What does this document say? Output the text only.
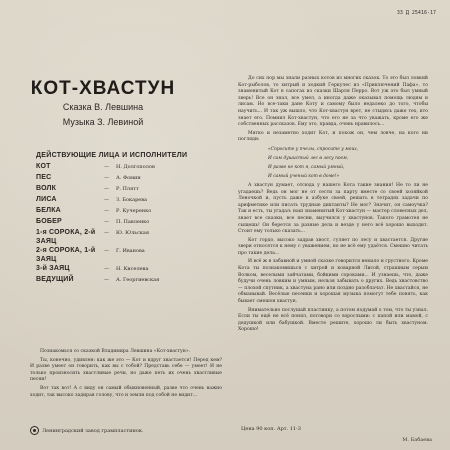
33 Д 25416-17
КОТ-ХВАСТУН
Сказка В. Левшина
Музыка З. Левиной
ДЕЙСТВУЮЩИЕ ЛИЦА И ИСПОЛНИТЕЛИ
КОТ	— Н. Долгополов
ПЕС	— А. Фомин
ВОЛК	— Р. Плятт
ЛИСА	— З. Бокарева
БЕЛКА	— Р. Кучеренко
БОБЕР	— П. Павленко
1-я СОРОКА, 2-й ЗАЯЦ
— Ю. Юльская
2-я СОРОКА, 1-й ЗАЯЦ
— Г. Иванова
3-й ЗАЯЦ	— Н. Киселева
ВЕДУЩИЙ	— А. Георгиевская

Познакомься со сказкой Владимира Левшина «Кот-хвастун».

Ты, конечно, удивлен: как же это — Кот и вдруг хвастается! Перед кем? И разве умеет он говорить, как вы с тобой? Представь себе — умеет! И не только произносить хвастливые речи, но даже петь их очень хвастливые песни!

Вот так вот! А с виду он самый обыкновенный, разве что очень важно ходит, так высоко задирая голову, что и земли под собой не видит...

До сих пор мы знали разных котов из многих сказок. То это был ловкий Кот-рыболов, то хитрый и ходкий Геркулес из «Приключений Пафа», то знаменитый Кот в сапогах из сказки Шарля Перро. Вот уж это был умный зверь! Все он знал, все умел, а иногда даже оказывал помощь людям и лисам. Но все-таки дане Коту и самому было недалеко до того, чтобы научить... И так уж вышло, что Кот-хвастун врет, не стыдясь даже тех, кто знает его. Помнил Кот-хвастун, что его не за что уважать, кроме его же собственных рассказов. Ему это, правда, очень нравилось...

Мягко и незаметно ходит Кот, и похож он, чем ловче, на кого ни погляди:

«Спросите у пчелы, спросите у моих,

И сам душистый лес в лесу поем,

И разве не кот я, самый умный,

И самый ученый кот в доме!»

А хвастун думает, отсюда у нашего Кота такие знания! Не то ли не угадаешь? Ведь он мог не от сести за парту вместе со своей хозяйкой Леночкой и, пусть даже в азбуке своей, решать в тетрадях задачи по арифметике или писать трудные диктанты? Не мог? Значит, он самоучка? Так и есть, ты угадал: наш знаменитый Кот-хвастун — мастер словесных дел, знает все сказки, все песни, выучился у хвастунов. Такого грамотея не сыщешь! Он берется за разные дела и везде у него всё хорошо выходит. Стоит ему только сказать...

Кот гордо, высоко задрав хвост, гуляет по лесу и хвастается. Другие звери относятся к нему с уважением, но не всё ему удаётся. Смешно читать про такие дела...

И всё ж в забавной и умной сказке говорится немало и грустного. Кроме Кота ты познакомишься с хитрой и коварной Лисой, страшным серым Волком, веселыми зайчатами, бойкими сороками... И узнаешь, что, даже будучи очень ловким и умным, нельзя забывать о других. Ведь хвастовство — плохой спутник, а хвастуна рано или поздно разоблачат. Не хвастайся, не обманывай. Весёлые песенки и хорошая музыка помогут тебе понять, как бывает смешон хвастун.

Внимательно послушай пластинку, а потом подумай о том, что ты узнал. Если ты ещё не всё понял, поговори со взрослыми: с папой или мамой, с дедушкой или бабушкой. Вместе решите, хорошо ли быть хвастуном. Хорошо!

М. Бабаева
Ленинградский завод грампластинок.	Цена 90 коп. Арт. 11-3
